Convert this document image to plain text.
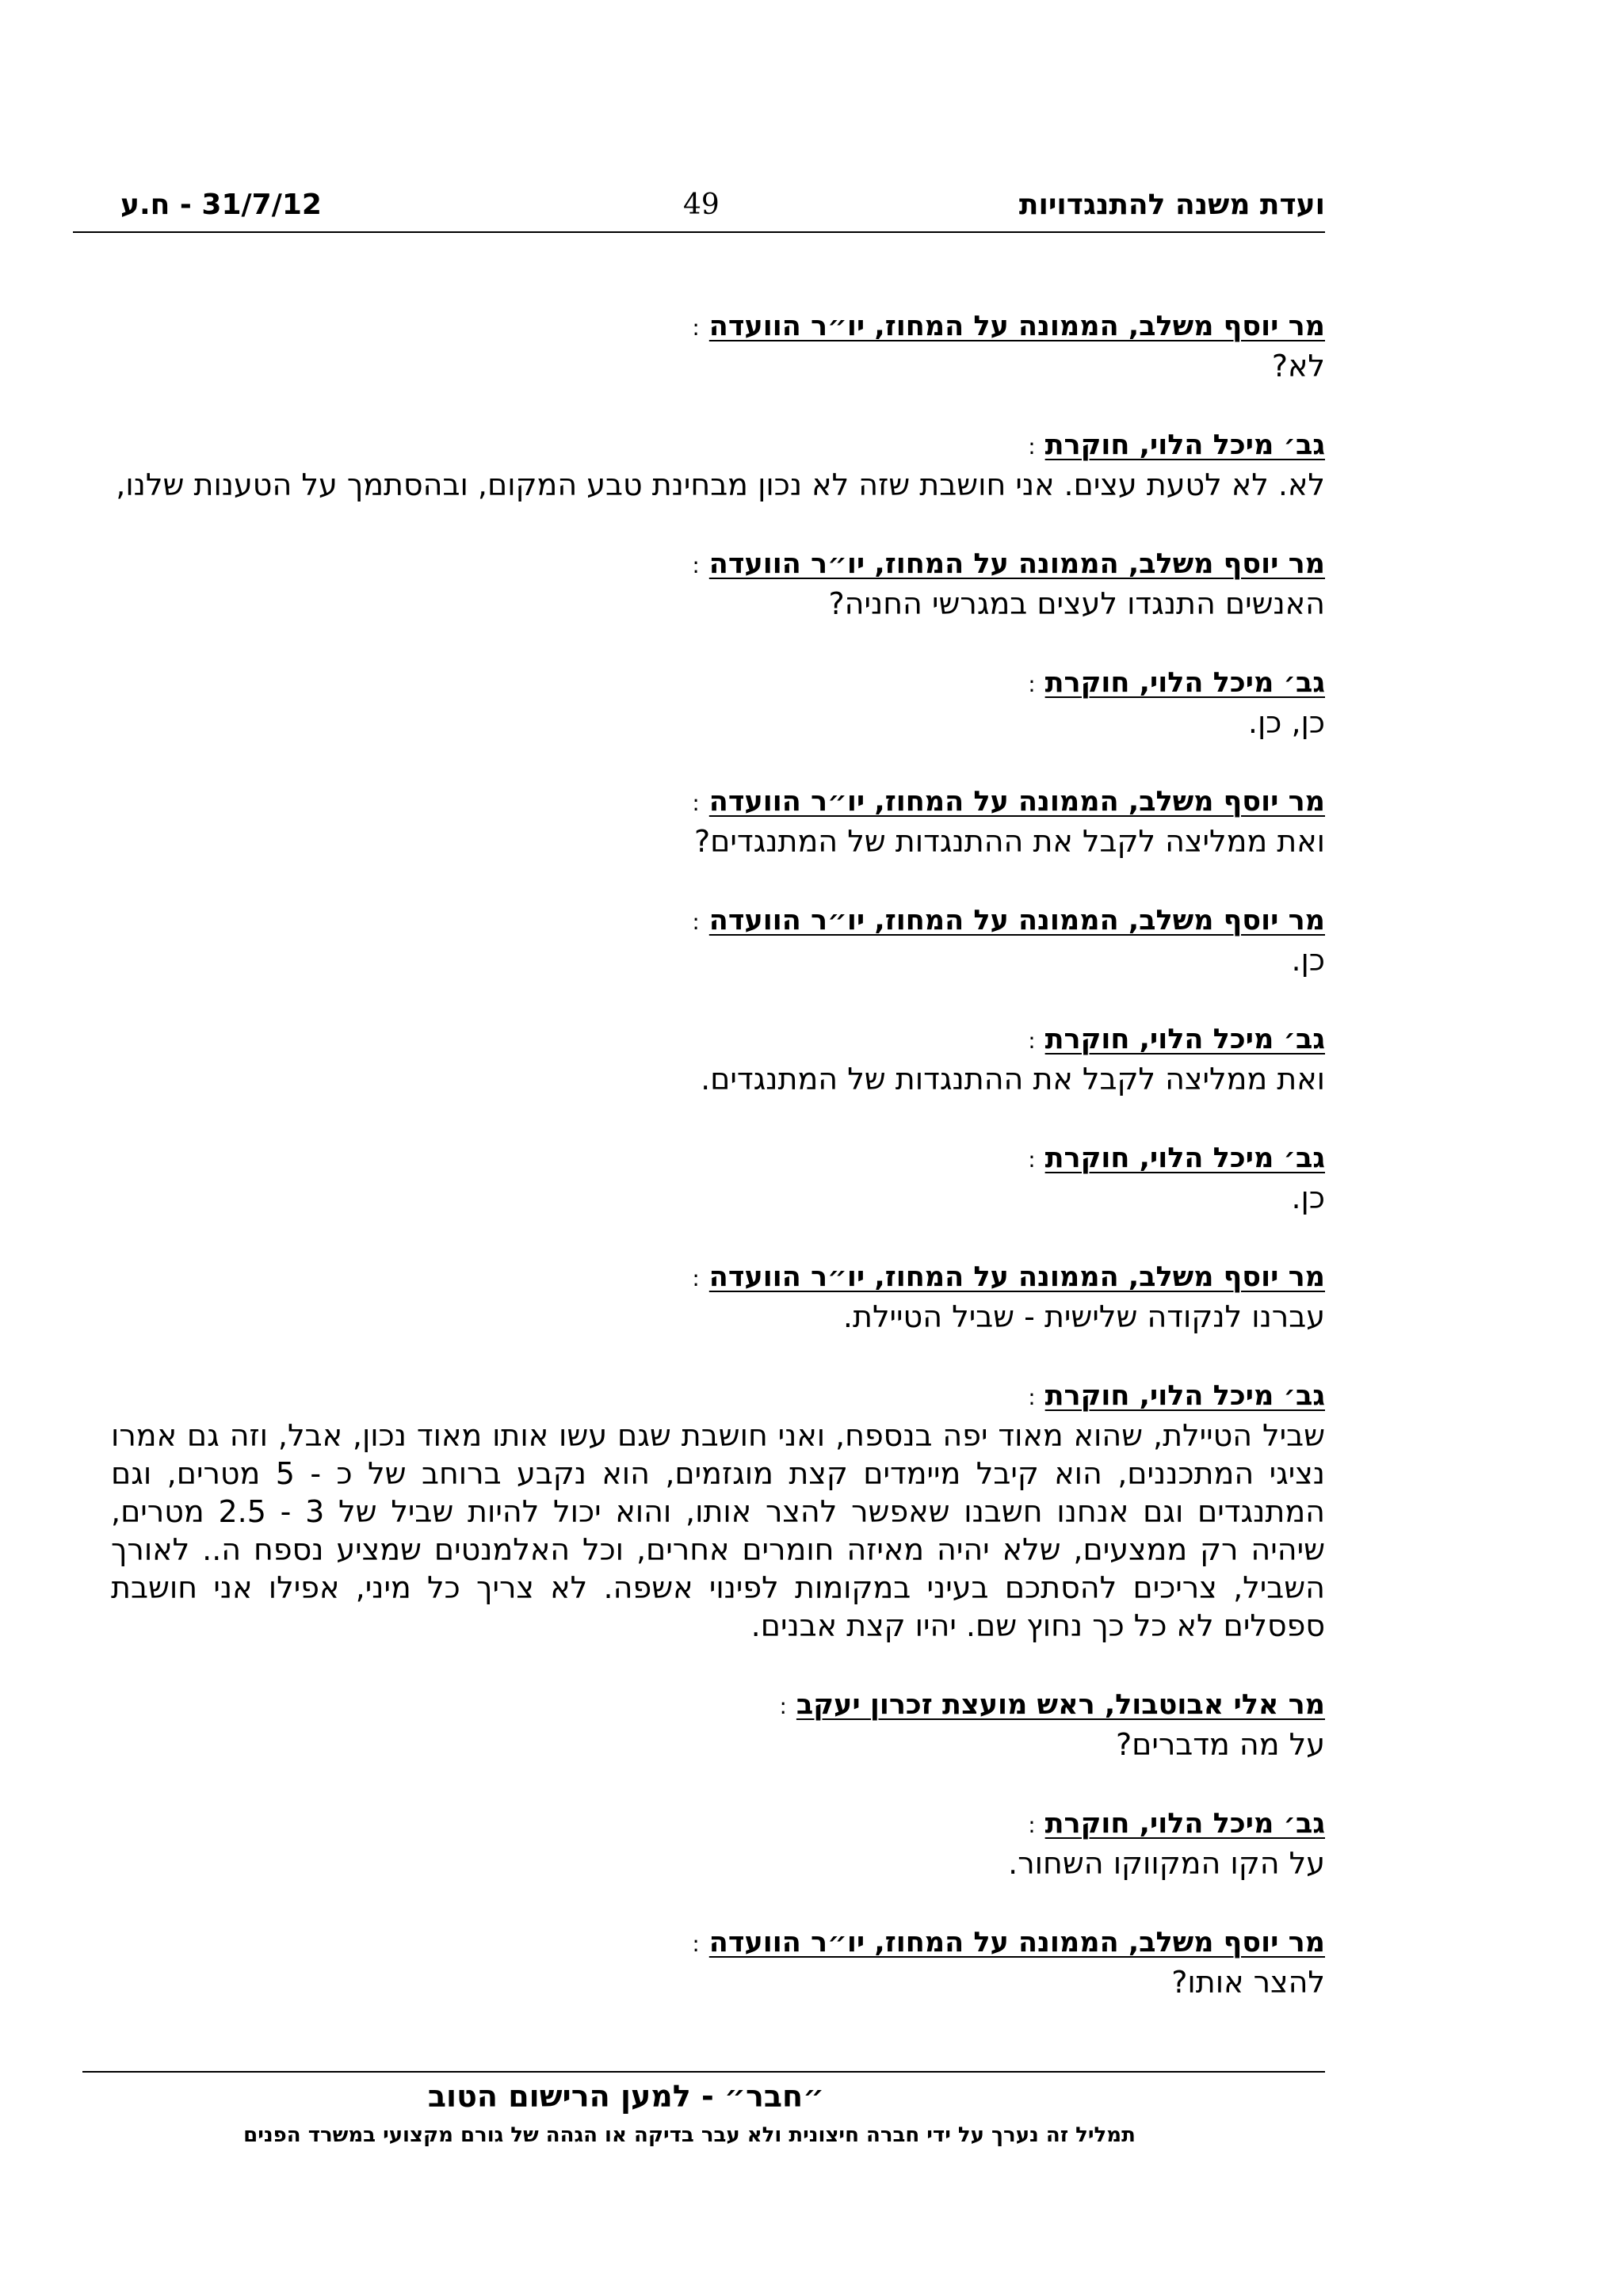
ועדת משנה להתנגדויות
49
31/7/12 - ח.ע
מר יוסף משלב, הממונה על המחוז, יו״ר הוועדה:
לא?
גב׳ מיכל הלוי, חוקרת:
לא. לא לטעת עצים. אני חושבת שזה לא נכון מבחינת טבע המקום, ובהסתמך על הטענות שלנו,
מר יוסף משלב, הממונה על המחוז, יו״ר הוועדה:
האנשים התנגדו לעצים במגרשי החניה?
גב׳ מיכל הלוי, חוקרת:
כן, כן.
מר יוסף משלב, הממונה על המחוז, יו״ר הוועדה:
ואת ממליצה לקבל את ההתנגדות של המתנגדים?
מר יוסף משלב, הממונה על המחוז, יו״ר הוועדה:
כן.
גב׳ מיכל הלוי, חוקרת:
ואת ממליצה לקבל את ההתנגדות של המתנגדים.
גב׳ מיכל הלוי, חוקרת:
כן.
מר יוסף משלב, הממונה על המחוז, יו״ר הוועדה:
עברנו לנקודה שלישית - שביל הטיילת.
גב׳ מיכל הלוי, חוקרת:
שביל הטיילת, שהוא מאוד יפה בנספח, ואני חושבת שגם עשו אותו מאוד נכון, אבל, וזה גם אמרו נציגי המתכננים, הוא קיבל מיימדים קצת מוגזמים, הוא נקבע ברוחב של כ - 5 מטרים, וגם המתנגדים וגם אנחנו חשבנו שאפשר להצר אותו, והוא יכול להיות שביל של 3 - 2.5 מטרים, שיהיה רק ממצעים, שלא יהיה מאיזה חומרים אחרים, וכל האלמנטים שמציע נספח ה.. לאורך השביל, צריכים להסתכם בעיני במקומות לפינוי אשפה. לא צריך כל מיני, אפילו אני חושבת ספסלים לא כל כך נחוץ שם. יהיו קצת אבנים.
מר אלי אבוטבול, ראש מועצת זכרון יעקב:
על מה מדברים?
גב׳ מיכל הלוי, חוקרת:
על הקו המקווקו השחור.
מר יוסף משלב, הממונה על המחוז, יו״ר הוועדה:
להצר אותו?
״חבר״ - למען הרישום הטוב
תמליל זה נערך על ידי חברה חיצונית ולא עבר בדיקה או הגהה של גורם מקצועי במשרד הפנים
